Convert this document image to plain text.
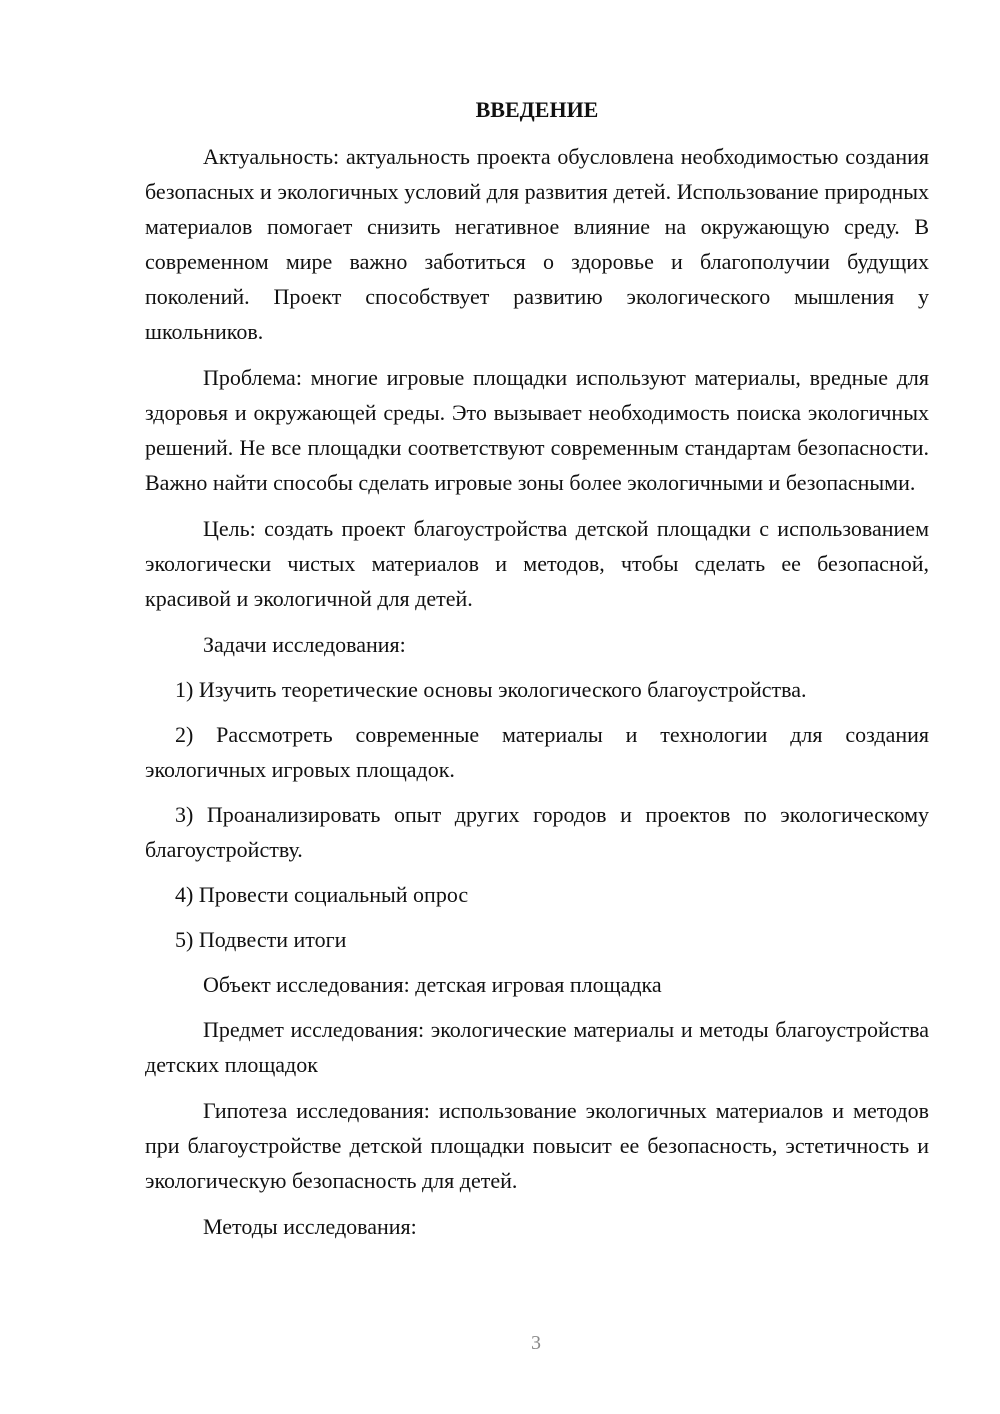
ВВЕДЕНИЕ

Актуальность: актуальность проекта обусловлена необходимостью создания безопасных и экологичных условий для развития детей. Использование природных материалов помогает снизить негативное влияние на окружающую среду. В современном мире важно заботиться о здоровье и благополучии будущих поколений. Проект способствует развитию экологического мышления у школьников.

Проблема: многие игровые площадки используют материалы, вредные для здоровья и окружающей среды. Это вызывает необходимость поиска экологичных решений. Не все площадки соответствуют современным стандартам безопасности. Важно найти способы сделать игровые зоны более экологичными и безопасными.

Цель: создать проект благоустройства детской площадки с использованием экологически чистых материалов и методов, чтобы сделать ее безопасной, красивой и экологичной для детей.

Задачи исследования:

1) Изучить теоретические основы экологического благоустройства.

2) Рассмотреть современные материалы и технологии для создания экологичных игровых площадок.

3) Проанализировать опыт других городов и проектов по экологическому благоустройству.

4) Провести социальный опрос

5) Подвести итоги

Объект исследования: детская игровая площадка

Предмет исследования: экологические материалы и методы благоустройства детских площадок

Гипотеза исследования: использование экологичных материалов и методов при благоустройстве детской площадки повысит ее безопасность, эстетичность и экологическую безопасность для детей.

Методы исследования:

3
